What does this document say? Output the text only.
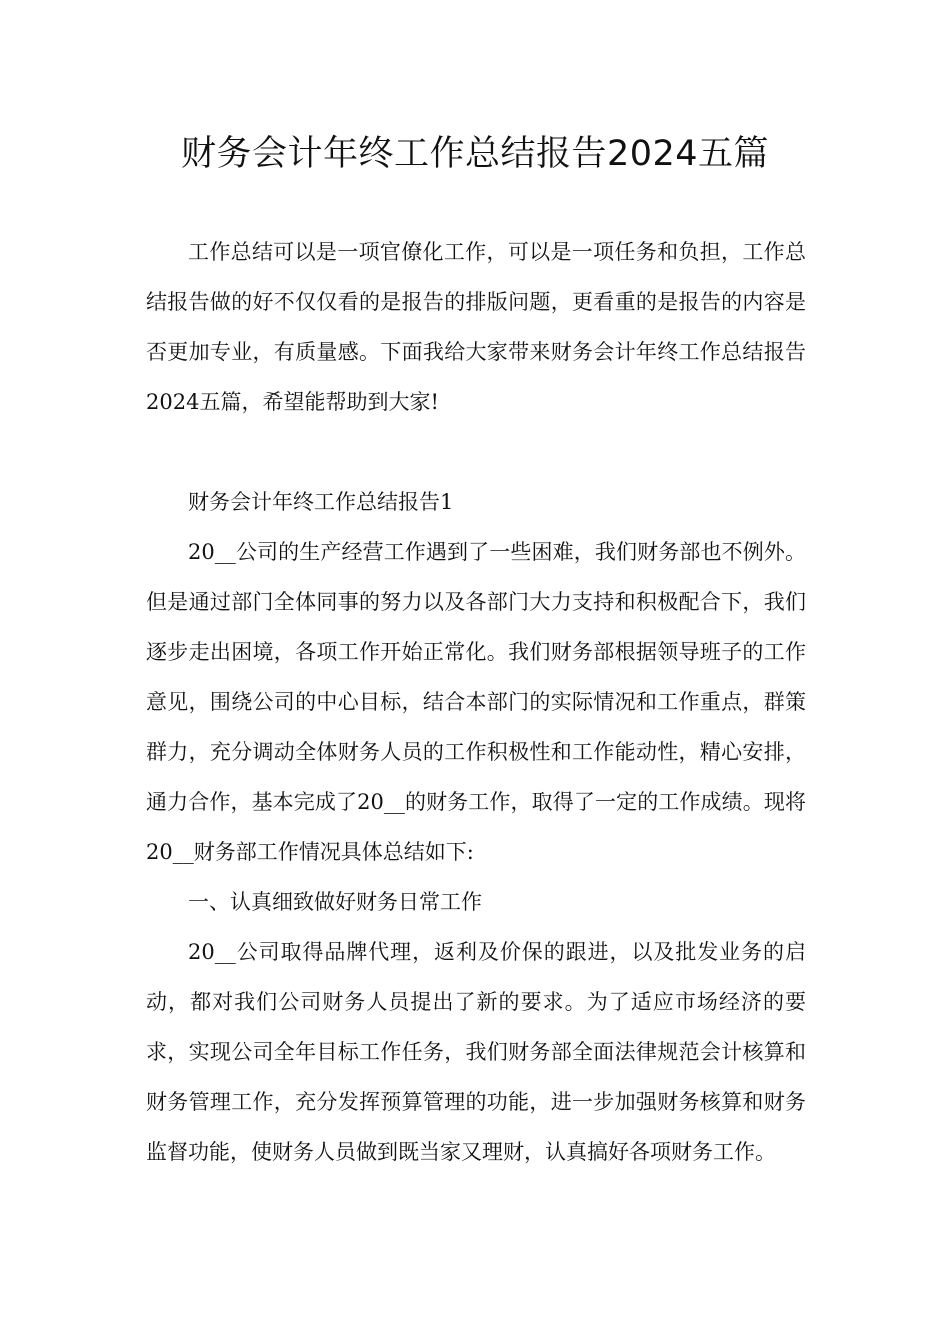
财务会计年终工作总结报告2024五篇

工作总结可以是一项官僚化工作，可以是一项任务和负担，工作总结报告做的好不仅仅看的是报告的排版问题，更看重的是报告的内容是否更加专业，有质量感。下面我给大家带来财务会计年终工作总结报告2024五篇，希望能帮助到大家!

财务会计年终工作总结报告1

20__公司的生产经营工作遇到了一些困难，我们财务部也不例外。但是通过部门全体同事的努力以及各部门大力支持和积极配合下，我们逐步走出困境，各项工作开始正常化。我们财务部根据领导班子的工作意见，围绕公司的中心目标，结合本部门的实际情况和工作重点，群策群力，充分调动全体财务人员的工作积极性和工作能动性，精心安排，通力合作，基本完成了20__的财务工作，取得了一定的工作成绩。现将20__财务部工作情况具体总结如下:

一、认真细致做好财务日常工作

20__公司取得品牌代理，返利及价保的跟进，以及批发业务的启动，都对我们公司财务人员提出了新的要求。为了适应市场经济的要求，实现公司全年目标工作任务，我们财务部全面法律规范会计核算和财务管理工作，充分发挥预算管理的功能，进一步加强财务核算和财务监督功能，使财务人员做到既当家又理财，认真搞好各项财务工作。
